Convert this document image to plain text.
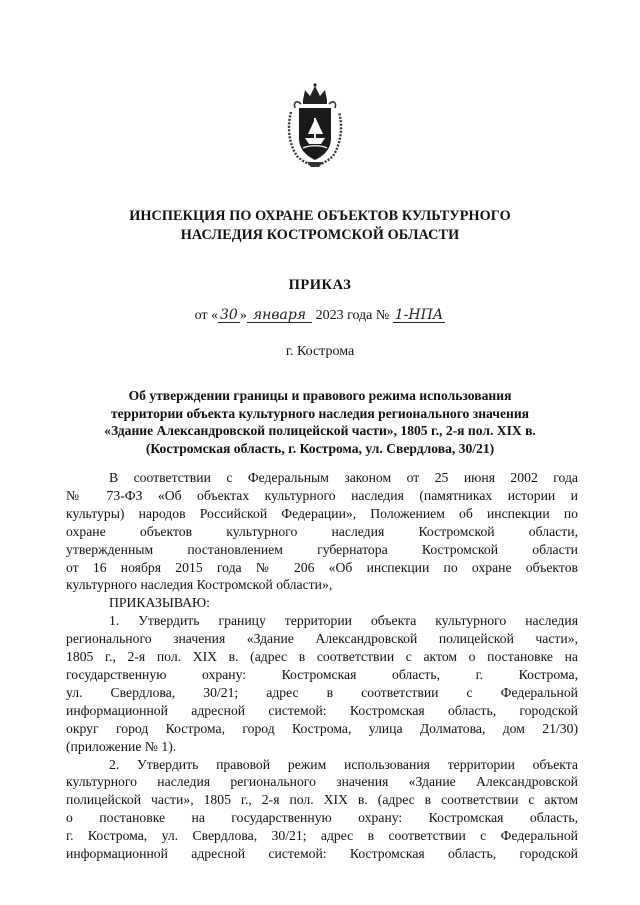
ИНСПЕКЦИЯ ПО ОХРАНЕ ОБЪЕКТОВ КУЛЬТУРНОГО
НАСЛЕДИЯ КОСТРОМСКОЙ ОБЛАСТИ
ПРИКАЗ
от « 30 » января 2023 года № 1-НПА
г. Кострома
Об утверждении границы и правового режима использования
территории объекта культурного наследия регионального значения
«Здание Александровской полицейской части», 1805 г., 2-я пол. XIX в.
(Костромская область, г. Кострома, ул. Свердлова, 30/21)
В соответствии с Федеральным законом от 25 июня 2002 года
№ 73-ФЗ «Об объектах культурного наследия (памятниках истории и
культуры) народов Российской Федерации», Положением об инспекции по
охране объектов культурного наследия Костромской области,
утвержденным постановлением губернатора Костромской области
от 16 ноября 2015 года № 206 «Об инспекции по охране объектов
культурного наследия Костромской области»,
ПРИКАЗЫВАЮ:
1. Утвердить границу территории объекта культурного наследия
регионального значения «Здание Александровской полицейской части»,
1805 г., 2-я пол. XIX в. (адрес в соответствии с актом о постановке на
государственную охрану: Костромская область, г. Кострома,
ул. Свердлова, 30/21; адрес в соответствии с Федеральной
информационной адресной системой: Костромская область, городской
округ город Кострома, город Кострома, улица Долматова, дом 21/30)
(приложение № 1).
2. Утвердить правовой режим использования территории объекта
культурного наследия регионального значения «Здание Александровской
полицейской части», 1805 г., 2-я пол. XIX в. (адрес в соответствии с актом
о постановке на государственную охрану: Костромская область,
г. Кострома, ул. Свердлова, 30/21; адрес в соответствии с Федеральной
информационной адресной системой: Костромская область, городской
